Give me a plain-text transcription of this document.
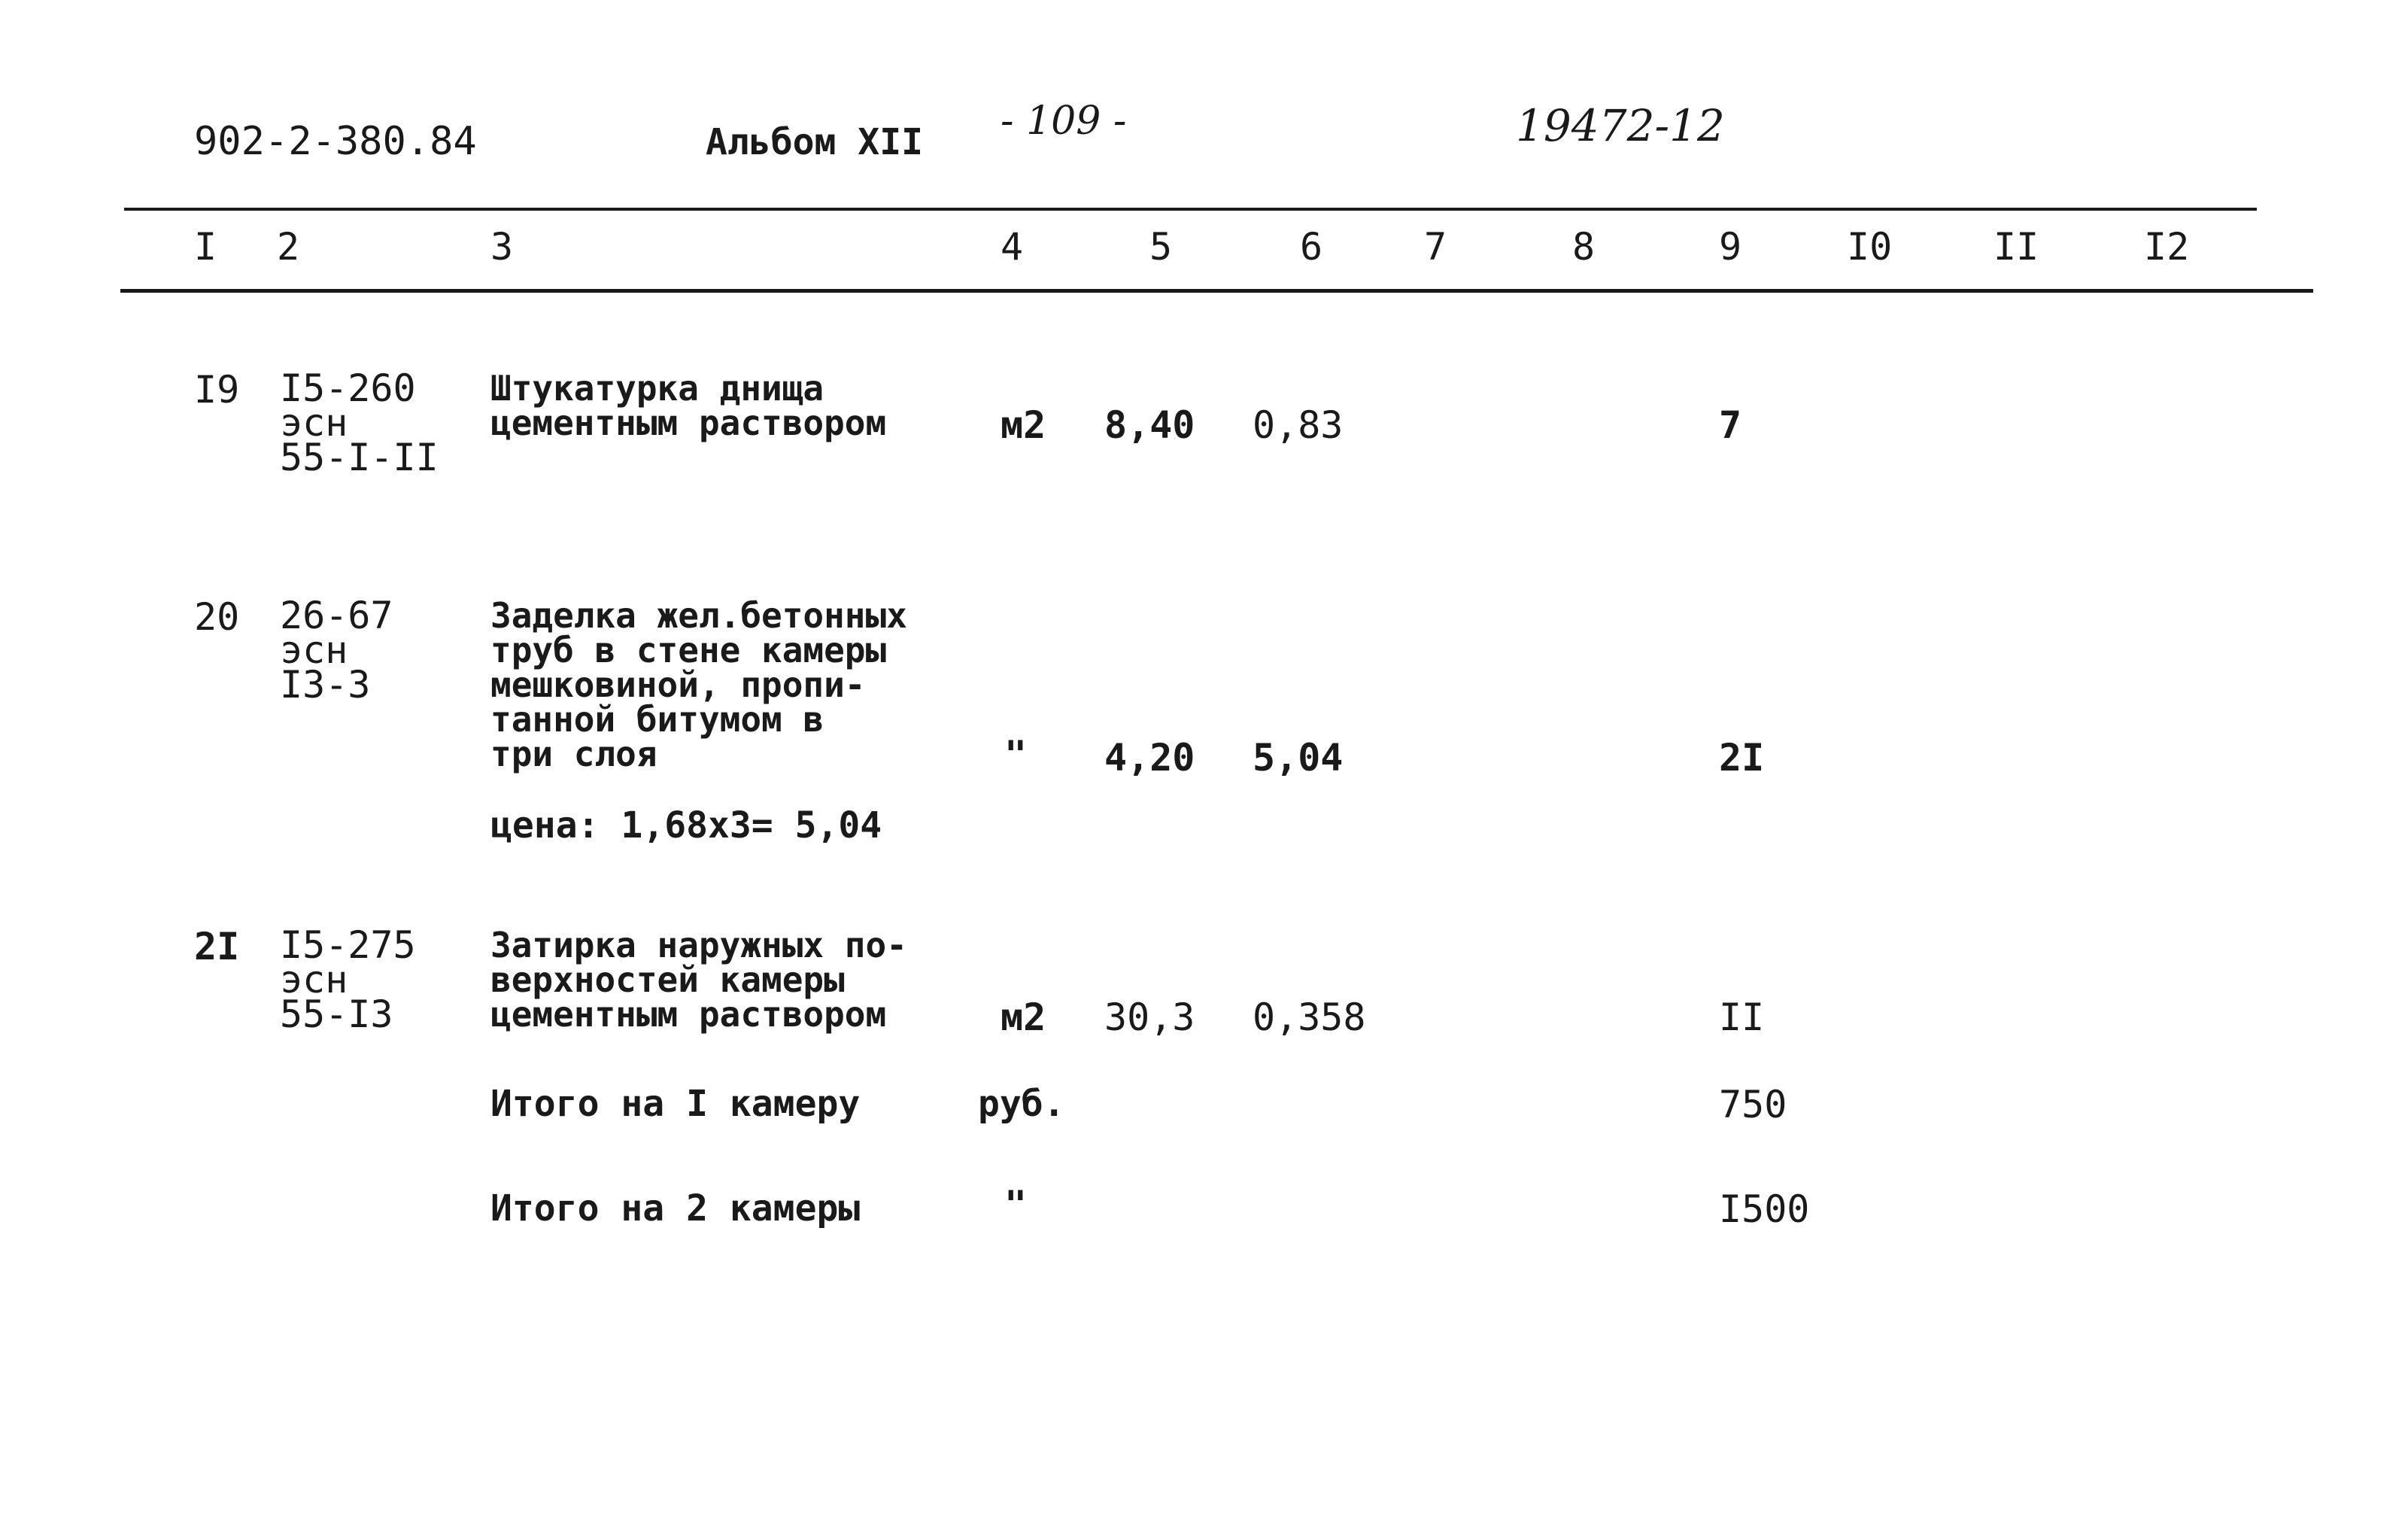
902-2-380.84	Альбом XII - 109 -	19472-12
I 2	3	4	5	6	7	8	9	I0	II	I2
I9 I5-260
эсн
55-I-II
Штукатурка днища
цементным раствором	м2 8,40 0,83	7
20 26-67
эсн
I3-3
Заделка жел.бетонных
труб в стене камеры
мешковиной, пропи-
танной битумом в
три слоя	" 4,20 5,04	2I
цена: 1,68х3= 5,04
2I I5-275
эсн
55-I3
Затирка наружных по-
верхностей камеры
цементным раствором	м2 30,3 0,358	II
Итого на I камеру	руб.	750
Итого на 2 камеры	"	I500
